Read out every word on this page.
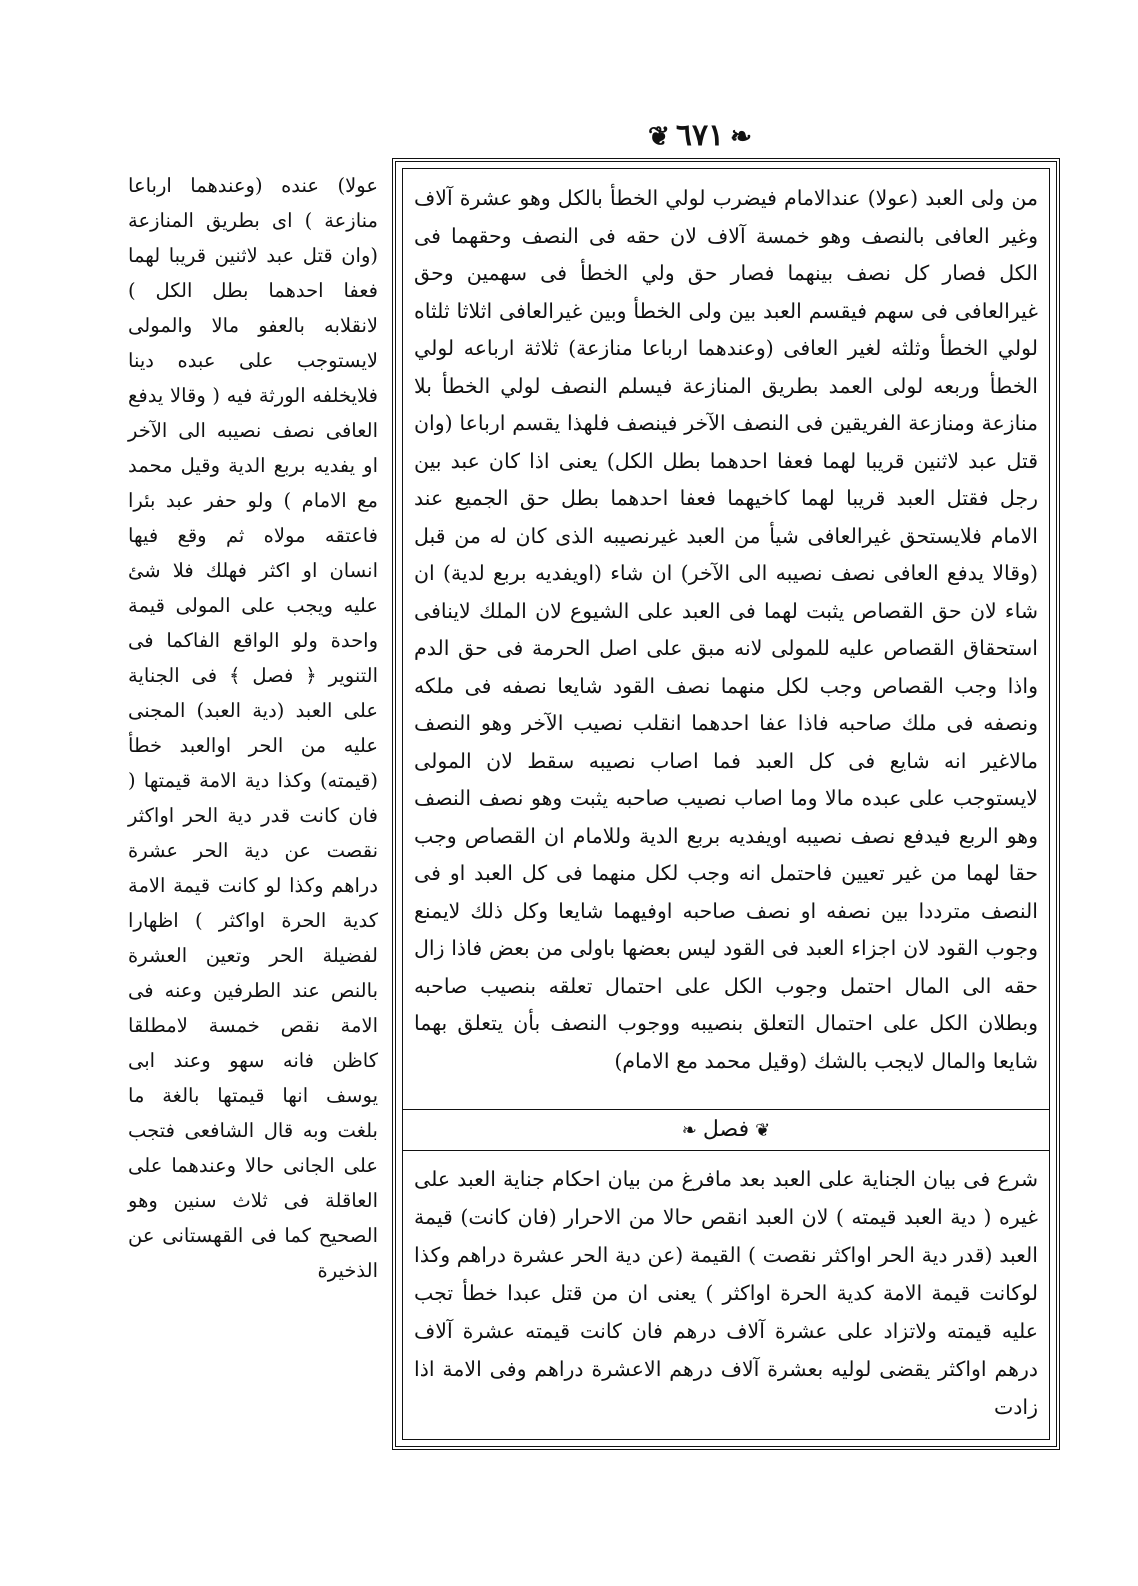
❦ ٦٧١ ❧

من ولى العبد (عولا) عندالامام فيضرب لولي الخطأ بالكل وهو عشرة آلاف وغير العافى بالنصف وهو خمسة آلاف لان حقه فى النصف وحقهما فى الكل فصار كل نصف بينهما فصار حق ولي الخطأ فى سهمين وحق غيرالعافى فى سهم فيقسم العبد بين ولى الخطأ وبين غيرالعافى اثلاثا ثلثاه لولي الخطأ وثلثه لغير العافى (وعندهما ارباعا منازعة) ثلاثة ارباعه لولي الخطأ وربعه لولى العمد بطريق المنازعة فيسلم النصف لولي الخطأ بلا منازعة ومنازعة الفريقين فى النصف الآخر فينصف فلهذا يقسم ارباعا (وان قتل عبد لاثنين قريبا لهما فعفا احدهما بطل الكل) يعنى اذا كان عبد بين رجل فقتل العبد قريبا لهما كاخيهما فعفا احدهما بطل حق الجميع عند الامام فلايستحق غيرالعافى شيأ من العبد غيرنصيبه الذى كان له من قبل (وقالا يدفع العافى نصف نصيبه الى الآخر) ان شاء (اويفديه بربع لدية) ان شاء لان حق القصاص يثبت لهما فى العبد على الشيوع لان الملك لاينافى استحقاق القصاص عليه للمولى لانه مبق على اصل الحرمة فى حق الدم واذا وجب القصاص وجب لكل منهما نصف القود شايعا نصفه فى ملكه ونصفه فى ملك صاحبه فاذا عفا احدهما انقلب نصيب الآخر وهو النصف مالاغير انه شايع فى كل العبد فما اصاب نصيبه سقط لان المولى لايستوجب على عبده مالا وما اصاب نصيب صاحبه يثبت وهو نصف النصف وهو الربع فيدفع نصف نصيبه اويفديه بربع الدية وللامام ان القصاص وجب حقا لهما من غير تعيين فاحتمل انه وجب لكل منهما فى كل العبد او فى النصف مترددا بين نصفه او نصف صاحبه اوفيهما شايعا وكل ذلك لايمنع وجوب القود لان اجزاء العبد فى القود ليس بعضها باولى من بعض فاذا زال حقه الى المال احتمل وجوب الكل على احتمال تعلقه بنصيب صاحبه وبطلان الكل على احتمال التعلق بنصيبه ووجوب النصف بأن يتعلق بهما شايعا والمال لايجب بالشك (وقيل محمد مع الامام)

❦فصل❧

شرع فى بيان الجناية على العبد بعد مافرغ من بيان احكام جناية العبد على غيره ( دية العبد قيمته ) لان العبد انقص حالا من الاحرار (فان كانت) قيمة العبد (قدر دية الحر اواكثر نقصت ) القيمة (عن دية الحر عشرة دراهم وكذا لوكانت قيمة الامة كدية الحرة اواكثر ) يعنى ان من قتل عبدا خطأ تجب عليه قيمته ولاتزاد على عشرة آلاف درهم فان كانت قيمته عشرة آلاف درهم اواكثر يقضى لوليه بعشرة آلاف درهم الاعشرة دراهم وفى الامة اذا زادت

عولا) عنده (وعندهما ارباعا منازعة ) اى بطريق المنازعة (وان قتل عبد لاثنين قريبا لهما فعفا احدهما بطل الكل ) لانقلابه بالعفو مالا والمولى لايستوجب على عبده دينا فلايخلفه الورثة فيه ( وقالا يدفع العافى نصف نصيبه الى الآخر او يفديه بربع الدية وقيل محمد مع الامام ) ولو حفر عبد بئرا فاعتقه مولاه ثم وقع فيها انسان او اكثر فهلك فلا شئ عليه ويجب على المولى قيمة واحدة ولو الواقع الفاكما فى التنوير ﴿ فصل ﴾ فى الجناية على العبد (دية العبد) المجنى عليه من الحر اوالعبد خطأ (قيمته) وكذا دية الامة قيمتها ( فان كانت قدر دية الحر اواكثر نقصت عن دية الحر عشرة دراهم وكذا لو كانت قيمة الامة كدية الحرة اواكثر ) اظهارا لفضيلة الحر وتعين العشرة بالنص عند الطرفين وعنه فى الامة نقص خمسة لامطلقا كاظن فانه سهو وعند ابى يوسف انها قيمتها بالغة ما بلغت وبه قال الشافعى فتجب على الجانى حالا وعندهما على العاقلة فى ثلاث سنين وهو الصحيح كما فى القهستانى عن الذخيرة
